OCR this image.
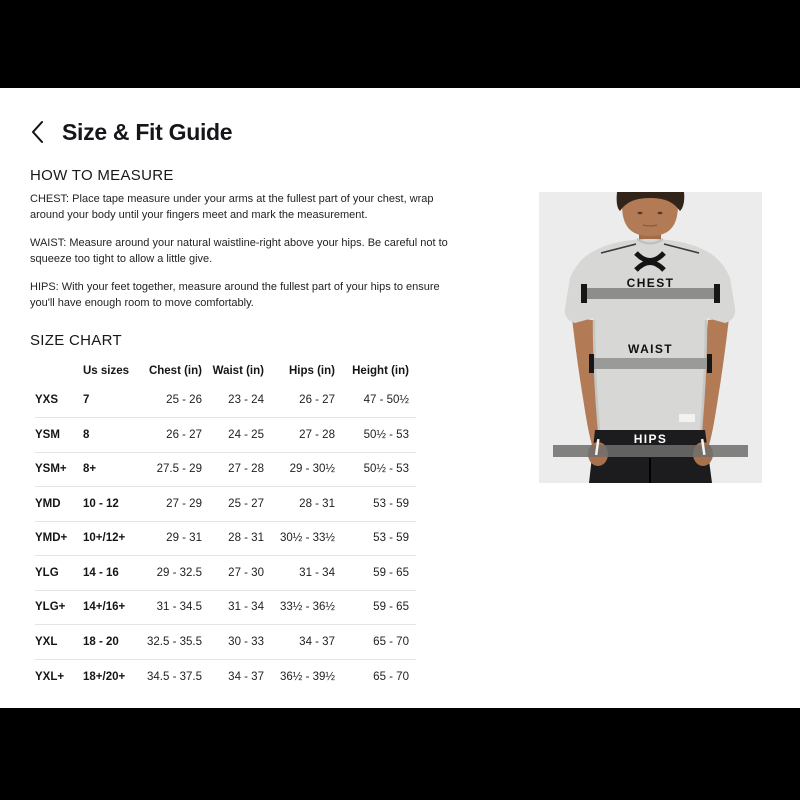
Size & Fit Guide
HOW TO MEASURE

CHEST: Place tape measure under your arms at the fullest part of your chest, wrap around your body until your fingers meet and mark the measurement.

WAIST: Measure around your natural waistline-right above your hips. Be careful not to squeeze too tight to allow a little give.

HIPS: With your feet together, measure around the fullest part of your hips to ensure you'll have enough room to move comfortably.

SIZE CHART
	Us sizes	Chest (in)	Waist (in)	Hips (in)	Height (in)
YXS	7	25 - 26	23 - 24	26 - 27	47 - 50½
YSM	8	26 - 27	24 - 25	27 - 28	50½ - 53
YSM+	8+	27.5 - 29	27 - 28	29 - 30½	50½ - 53
YMD	10 - 12	27 - 29	25 - 27	28 - 31	53 - 59
YMD+	10+/12+	29 - 31	28 - 31	30½ - 33½	53 - 59
YLG	14 - 16	29 - 32.5	27 - 30	31 - 34	59 - 65
YLG+	14+/16+	31 - 34.5	31 - 34	33½ - 36½	59 - 65
YXL	18 - 20	32.5 - 35.5	30 - 33	34 - 37	65 - 70
YXL+	18+/20+	34.5 - 37.5	34 - 37	36½ - 39½	65 - 70
CHEST
WAIST
HIPS
